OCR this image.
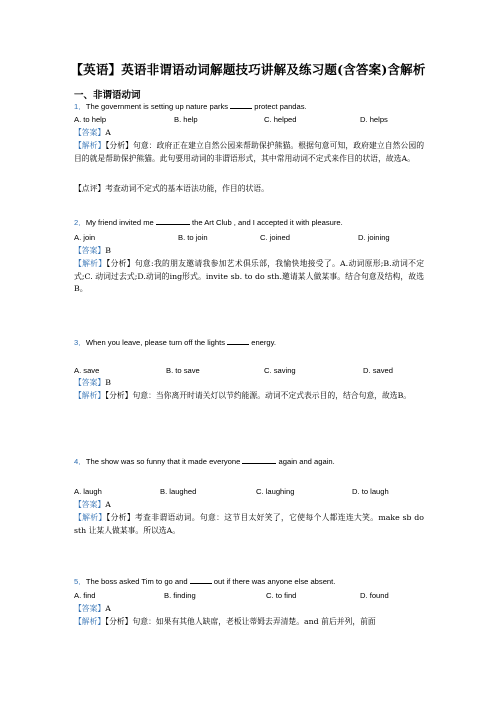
【英语】英语非谓语动词解题技巧讲解及练习题(含答案)含解析
一、非谓语动词
1．The government is setting up nature parks	protect pandas.
A. to help	B. help	C. helped	D. helps
【答案】A
【解析】【分析】句意：政府正在建立自然公园来帮助保护熊猫。根据句意可知，政府建立自然公园的目的就是帮助保护熊猫。此句要用动词的非谓语形式，其中常用动词不定式来作目的状语，故选A。
【点评】考查动词不定式的基本语法功能，作目的状语。
2．My friend invited me	the Art Club , and I accepted it with pleasure.
A. join	B. to join	C. joined	D. joining
【答案】B
【解析】【分析】句意:我的朋友邀请我参加艺术俱乐部，我愉快地接受了。A.动词原形;B.动词不定式;C. 动词过去式;D.动词的ing形式。invite sb. to do sth.邀请某人做某事。结合句意及结构，故选B。
3．When you leave, please turn off the lights	energy.
A. save	B. to save	C. saving	D. saved
【答案】B
【解析】【分析】句意：当你离开时请关灯以节约能源。动词不定式表示目的，结合句意，故选B。
4．The show was so funny that it made everyone	again and again.
A. laugh	B. laughed	C. laughing	D. to laugh
【答案】A
【解析】【分析】考查非谓语动词。句意：这节目太好笑了，它使每个人都连连大笑。make sb do sth 让某人做某事。所以选A。
5．The boss asked Tim to go and	out if there was anyone else absent.
A. find	B. finding	C. to find	D. found
【答案】A
【解析】【分析】句意：如果有其他人缺席，老板让蒂姆去弄清楚。and 前后并列，前面
